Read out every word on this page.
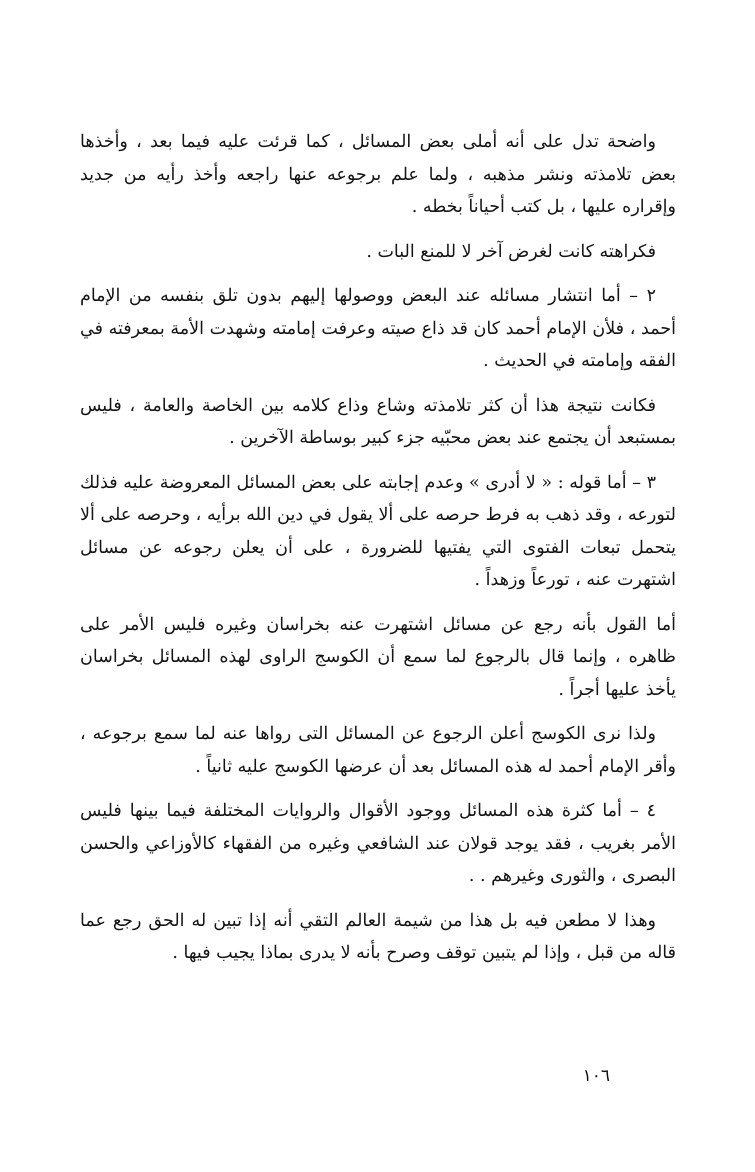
واضحة تدل على أنه أملى بعض المسائل ، كما قرئت عليه فيما بعد ، وأخذها بعض تلامذته ونشر مذهبه ، ولما علم برجوعه عنها راجعه وأخذ رأيه من جديد وإقراره عليها ، بل كتب أحياناً بخطه .

فكراهته كانت لغرض آخر لا للمنع البات .

٢ – أما انتشار مسائله عند البعض ووصولها إليهم بدون تلق بنفسه من الإمام أحمد ، فلأن الإمام أحمد كان قد ذاع صيته وعرفت إمامته وشهدت الأمة بمعرفته في الفقه وإمامته في الحديث .

فكانت نتيجة هذا أن كثر تلامذته وشاع وذاع كلامه بين الخاصة والعامة ، فليس بمستبعد أن يجتمع عند بعض محبّيه جزء كبير بوساطة الآخرين .

٣ – أما قوله : « لا أدرى » وعدم إجابته على بعض المسائل المعروضة عليه فذلك لتورعه ، وقد ذهب به فرط حرصه على ألا يقول في دين الله برأيه ، وحرصه على ألا يتحمل تبعات الفتوى التي يفتيها للضرورة ، على أن يعلن رجوعه عن مسائل اشتهرت عنه ، تورعاً وزهداً .

أما القول بأنه رجع عن مسائل اشتهرت عنه بخراسان وغيره فليس الأمر على ظاهره ، وإنما قال بالرجوع لما سمع أن الكوسج الراوى لهذه المسائل بخراسان يأخذ عليها أجراً .

ولذا نرى الكوسج أعلن الرجوع عن المسائل التى رواها عنه لما سمع برجوعه ، وأقر الإمام أحمد له هذه المسائل بعد أن عرضها الكوسج عليه ثانياً .

٤ – أما كثرة هذه المسائل ووجود الأقوال والروايات المختلفة فيما بينها فليس الأمر بغريب ، فقد يوجد قولان عند الشافعي وغيره من الفقهاء كالأوزاعي والحسن البصرى ، والثورى وغيرهم . .

وهذا لا مطعن فيه بل هذا من شيمة العالم التقي أنه إذا تبين له الحق رجع عما قاله من قبل ، وإذا لم يتبين توقف وصرح بأنه لا يدرى بماذا يجيب فيها .

١٠٦
